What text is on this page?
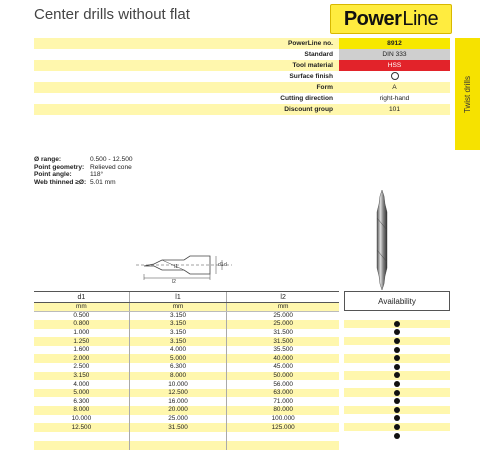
Center drills without flat	Power Line
Twist drills
PowerLine no.	8912
Standard	DIN 333
Tool material	HSS
Surface finish	
Form	A
Cutting direction	right-hand
Discount group	101
Ø range:	0.500 - 12.500
Point geometry: Relieved cone
Point angle:	118°
Web thinned ≥Ø: 5.01 mm
l1
l2
d1 d
d1	l1	l2
mm	mm	mm
0.500	3.150	25.000
0.800	3.150	25.000
1.000	3.150	31.500
1.250	3.150	31.500
1.600	4.000	35.500
2.000	5.000	40.000
2.500	6.300	45.000
3.150	8.000	50.000
4.000	10.000	56.000
5.000	12.500	63.000
6.300	16.000	71.000
8.000	20.000	80.000
10.000	25.000	100.000
12.500	31.500	125.000

Availability
